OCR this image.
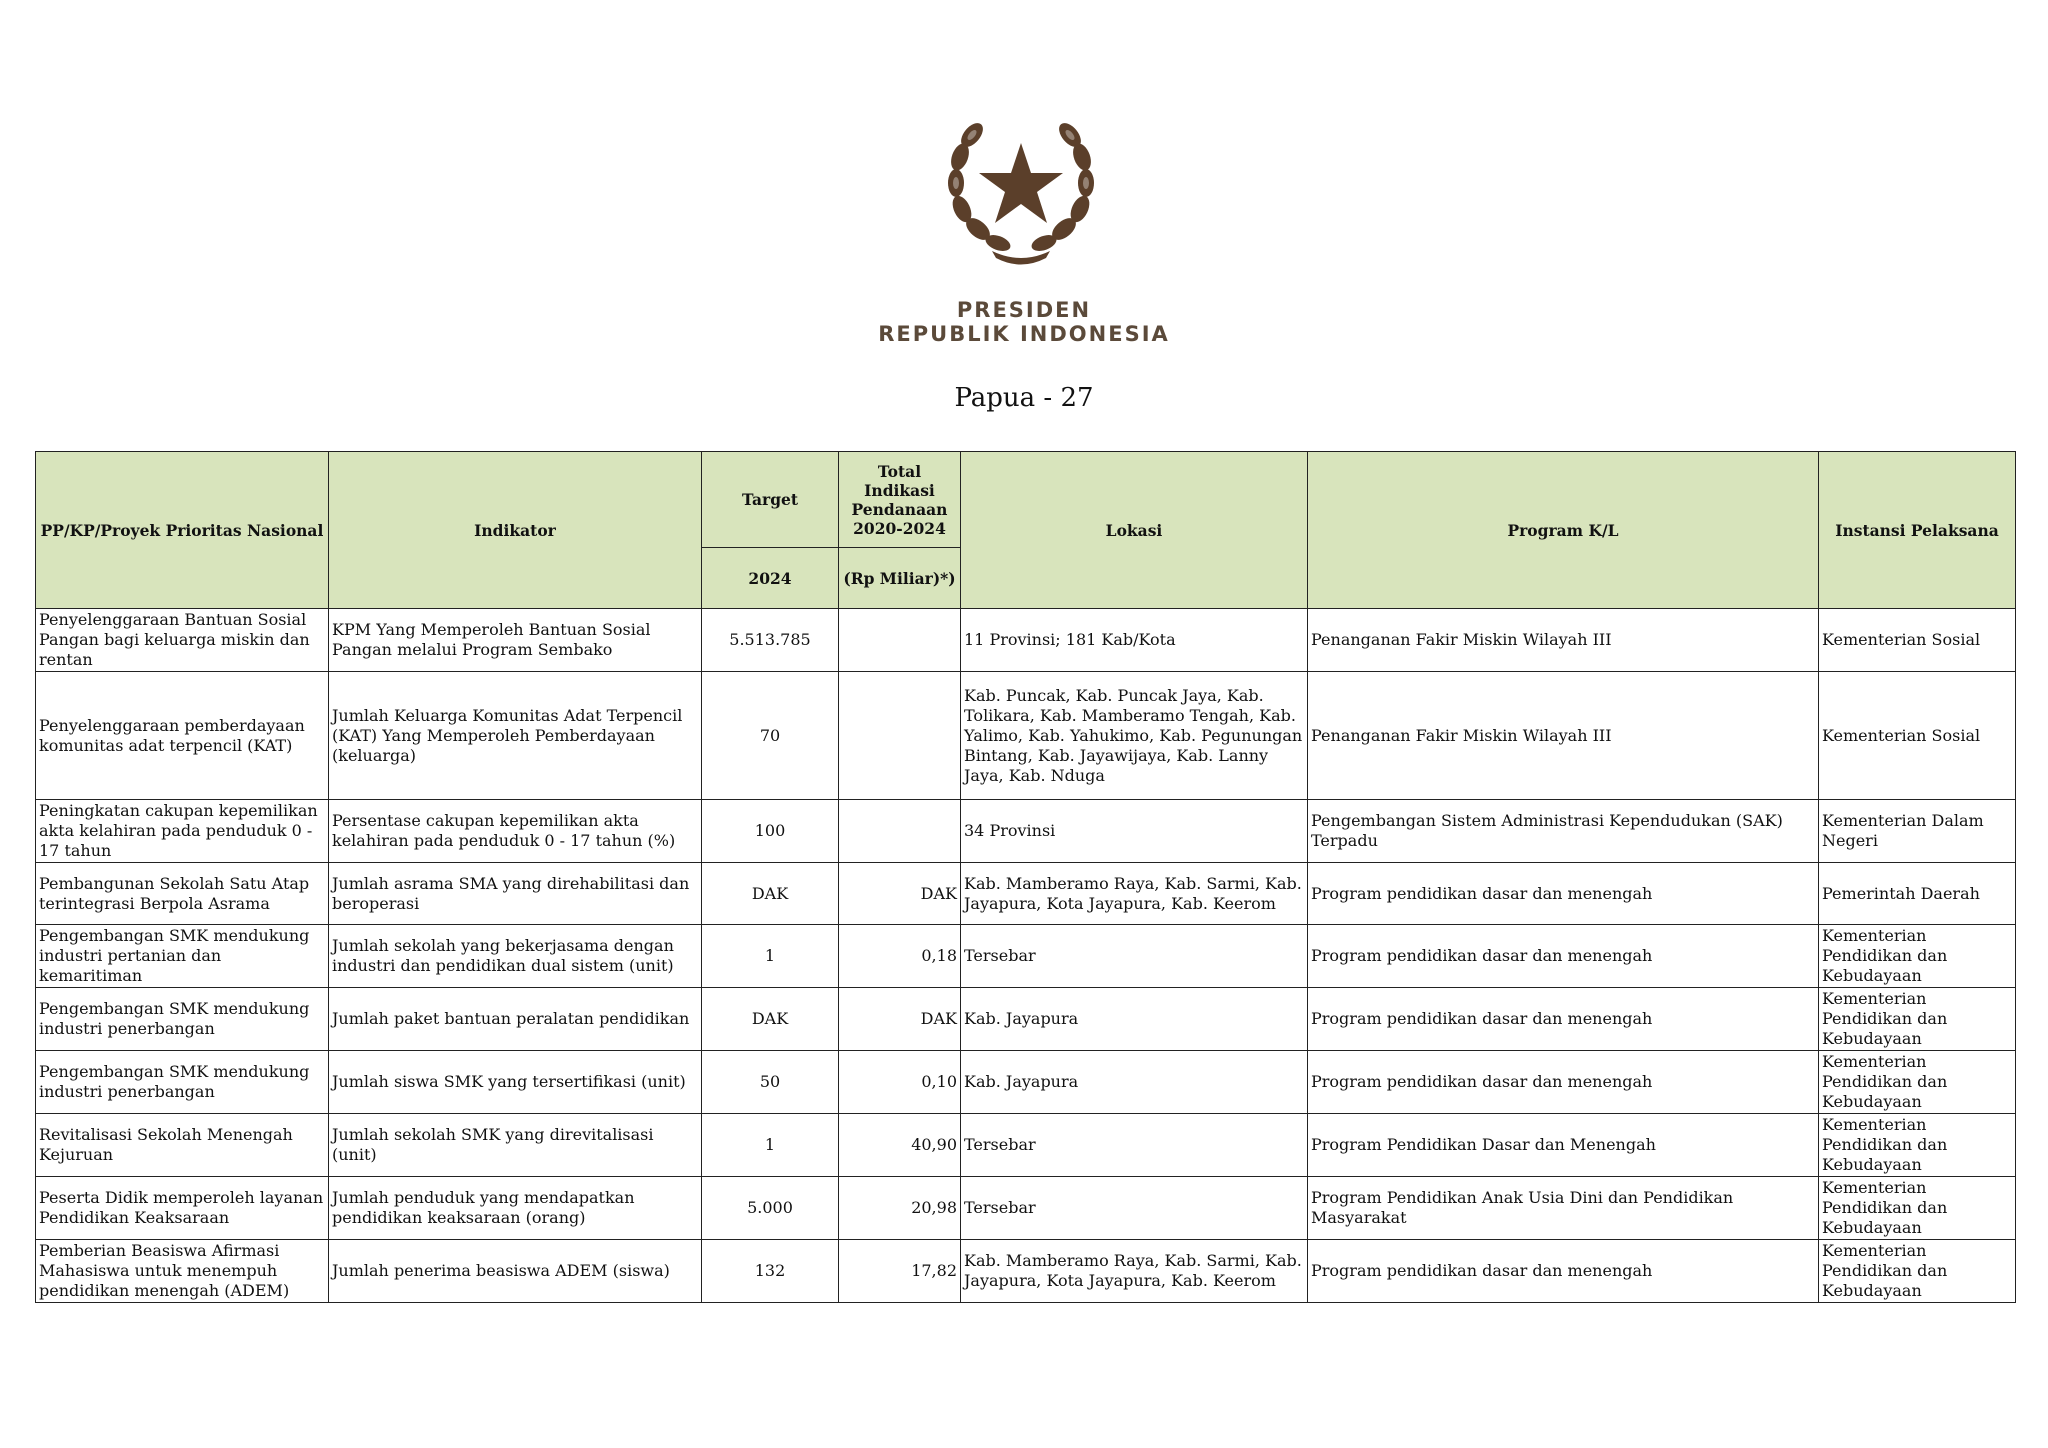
PRESIDEN
REPUBLIK INDONESIA
Papua - 27
PP/KP/Proyek Prioritas Nasional	Indikator	Target	Total Indikasi Pendanaan 2020-2024	Lokasi	Program K/L	Instansi Pelaksana
		2024	(Rp Miliar)*)			
Penyelenggaraan Bantuan Sosial Pangan bagi keluarga miskin dan rentan	KPM Yang Memperoleh Bantuan Sosial Pangan melalui Program Sembako	5.513.785		11 Provinsi; 181 Kab/Kota	Penanganan Fakir Miskin Wilayah III	Kementerian Sosial
Penyelenggaraan pemberdayaan komunitas adat terpencil (KAT)	Jumlah Keluarga Komunitas Adat Terpencil (KAT) Yang Memperoleh Pemberdayaan (keluarga)	70		Kab. Puncak, Kab. Puncak Jaya, Kab. Tolikara, Kab. Mamberamo Tengah, Kab. Yalimo, Kab. Yahukimo, Kab. Pegunungan Bintang, Kab. Jayawijaya, Kab. Lanny Jaya, Kab. Nduga	Penanganan Fakir Miskin Wilayah III	Kementerian Sosial
Peningkatan cakupan kepemilikan akta kelahiran pada penduduk 0 - 17 tahun	Persentase cakupan kepemilikan akta kelahiran pada penduduk 0 - 17 tahun (%)	100		34 Provinsi	Pengembangan Sistem Administrasi Kependudukan (SAK) Terpadu	Kementerian Dalam Negeri
Pembangunan Sekolah Satu Atap terintegrasi Berpola Asrama	Jumlah asrama SMA yang direhabilitasi dan beroperasi	DAK	DAK	Kab. Mamberamo Raya, Kab. Sarmi, Kab. Jayapura, Kota Jayapura, Kab. Keerom	Program pendidikan dasar dan menengah	Pemerintah Daerah
Pengembangan SMK mendukung industri pertanian dan kemaritiman	Jumlah sekolah yang bekerjasama dengan industri dan pendidikan dual sistem (unit)	1	0,18	Tersebar	Program pendidikan dasar dan menengah	Kementerian Pendidikan dan Kebudayaan
Pengembangan SMK mendukung industri penerbangan	Jumlah paket bantuan peralatan pendidikan	DAK	DAK	Kab. Jayapura	Program pendidikan dasar dan menengah	Kementerian Pendidikan dan Kebudayaan
Pengembangan SMK mendukung industri penerbangan	Jumlah siswa SMK yang tersertifikasi (unit)	50	0,10	Kab. Jayapura	Program pendidikan dasar dan menengah	Kementerian Pendidikan dan Kebudayaan
Revitalisasi Sekolah Menengah Kejuruan	Jumlah sekolah SMK yang direvitalisasi (unit)	1	40,90	Tersebar	Program Pendidikan Dasar dan Menengah	Kementerian Pendidikan dan Kebudayaan
Peserta Didik memperoleh layanan Pendidikan Keaksaraan	Jumlah penduduk yang mendapatkan pendidikan keaksaraan (orang)	5.000	20,98	Tersebar	Program Pendidikan Anak Usia Dini dan Pendidikan Masyarakat	Kementerian Pendidikan dan Kebudayaan
Pemberian Beasiswa Afirmasi Mahasiswa untuk menempuh pendidikan menengah (ADEM)	Jumlah penerima beasiswa ADEM (siswa)	132	17,82	Kab. Mamberamo Raya, Kab. Sarmi, Kab. Jayapura, Kota Jayapura, Kab. Keerom	Program pendidikan dasar dan menengah	Kementerian Pendidikan dan Kebudayaan
